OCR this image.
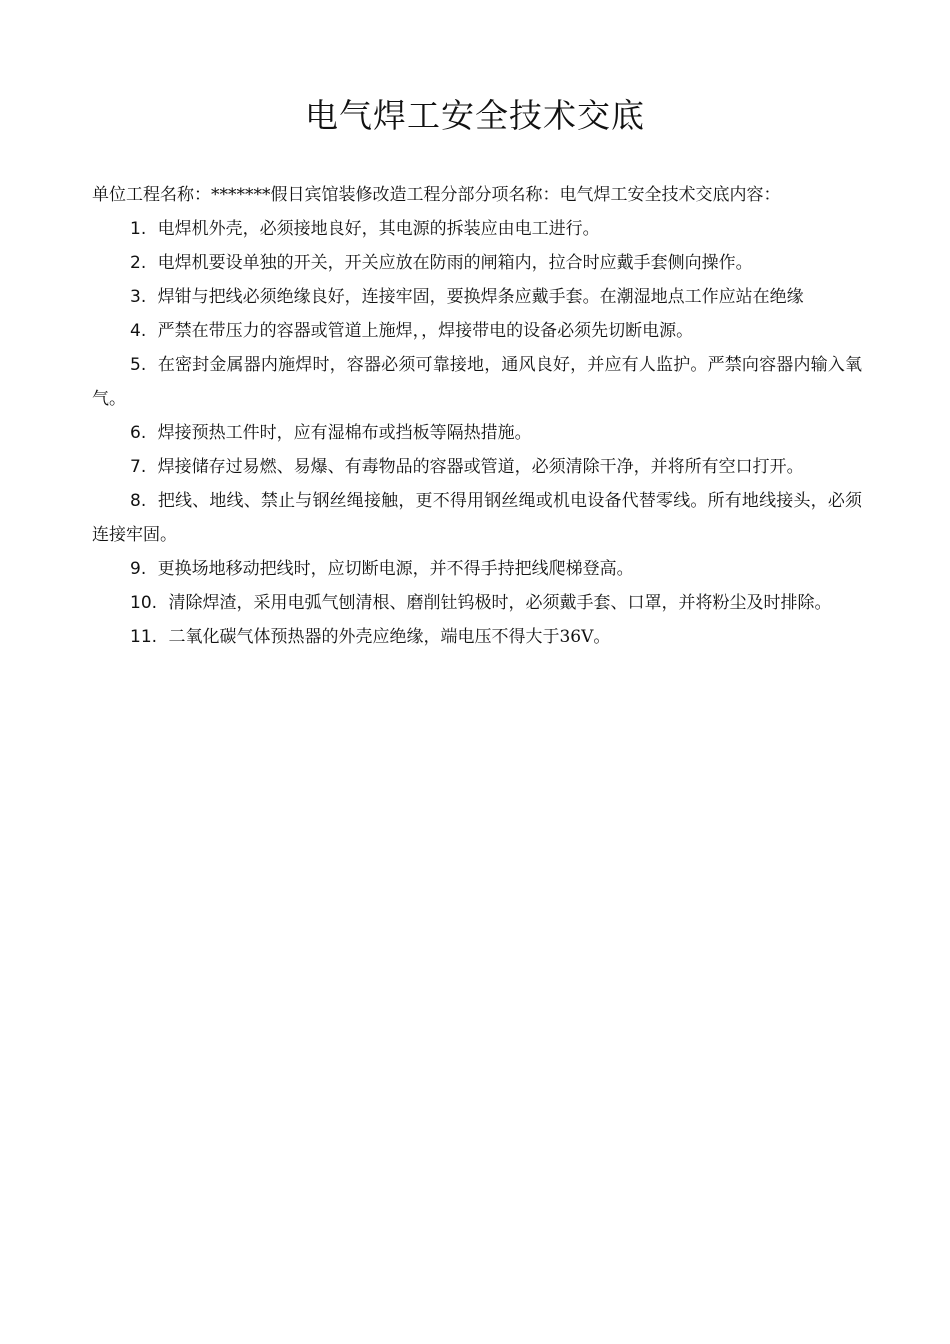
电气焊工安全技术交底

单位工程名称：*******假日宾馆装修改造工程分部分项名称：电气焊工安全技术交底内容：

1. 电焊机外壳，必须接地良好，其电源的拆装应由电工进行。
2. 电焊机要设单独的开关，开关应放在防雨的闸箱内，拉合时应戴手套侧向操作。
3. 焊钳与把线必须绝缘良好，连接牢固，要换焊条应戴手套。在潮湿地点工作应站在绝缘
4. 严禁在带压力的容器或管道上施焊，，焊接带电的设备必须先切断电源。
5. 在密封金属器内施焊时，容器必须可靠接地，通风良好，并应有人监护。严禁向容器内输入氧气。
6. 焊接预热工件时，应有湿棉布或挡板等隔热措施。
7. 焊接储存过易燃、易爆、有毒物品的容器或管道，必须清除干净，并将所有空口打开。
8. 把线、地线、禁止与钢丝绳接触，更不得用钢丝绳或机电设备代替零线。所有地线接头，必须连接牢固。
9. 更换场地移动把线时，应切断电源，并不得手持把线爬梯登高。
10. 清除焊渣，采用电弧气刨清根、磨削钍钨极时，必须戴手套、口罩，并将粉尘及时排除。
11. 二氧化碳气体预热器的外壳应绝缘，端电压不得大于36V。
